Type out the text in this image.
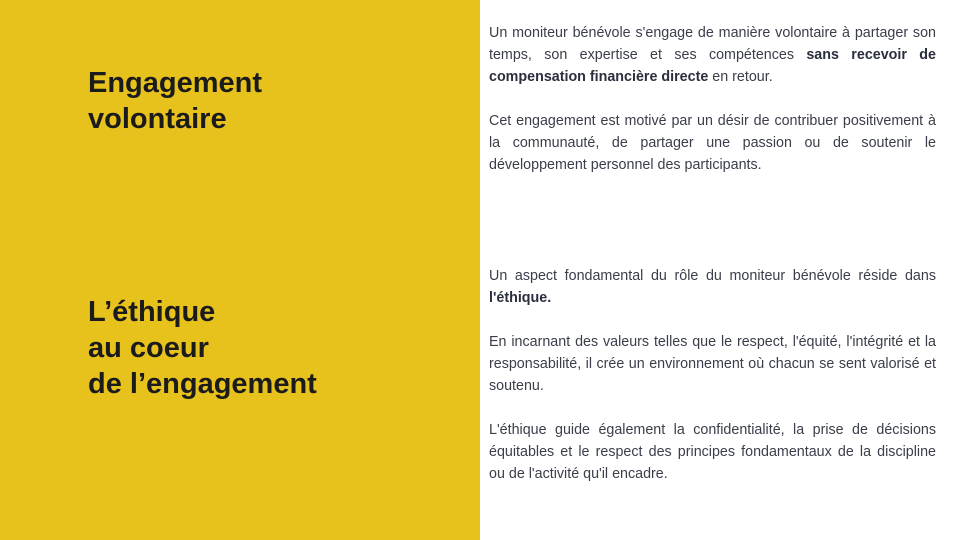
Engagement
volontaire
L’éthique
au coeur
de l’engagement

Un moniteur bénévole s'engage de manière volontaire à partager son temps, son expertise et ses compétences sans recevoir de compensation financière directe en retour.

Cet engagement est motivé par un désir de contribuer positivement à la communauté, de partager une passion ou de soutenir le développement personnel des participants.

Un aspect fondamental du rôle du moniteur bénévole réside dans l'éthique.

En incarnant des valeurs telles que le respect, l'équité, l'intégrité et la responsabilité, il crée un environnement où chacun se sent valorisé et soutenu.

L'éthique guide également la confidentialité, la prise de décisions équitables et le respect des principes fondamentaux de la discipline ou de l'activité qu'il encadre.
